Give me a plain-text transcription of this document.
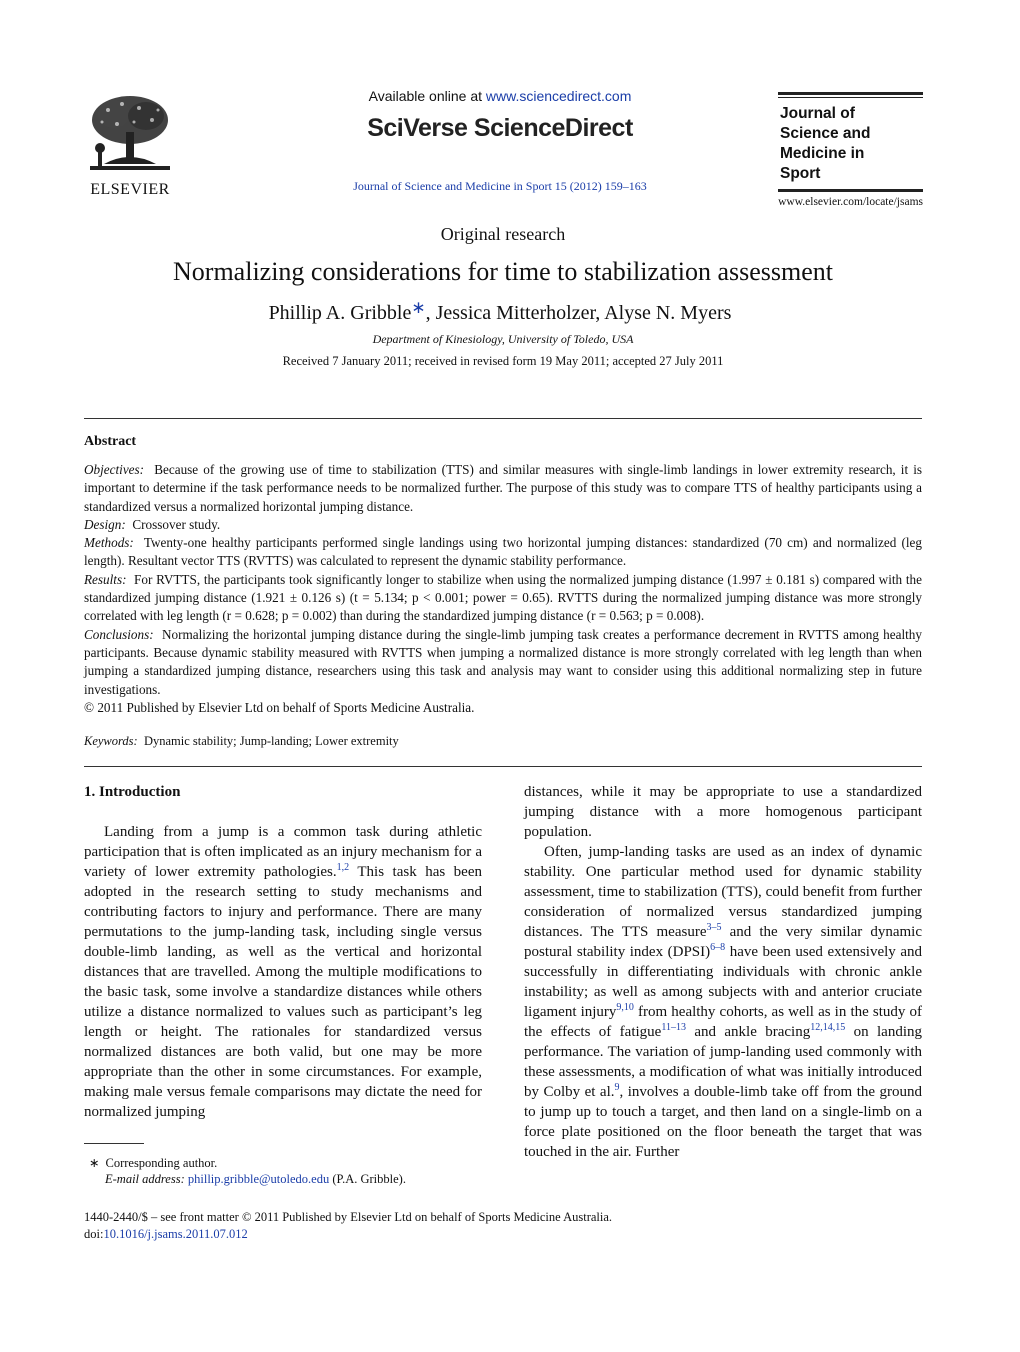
ELSEVIER
Available online at www.sciencedirect.com
SciVerse ScienceDirect
Journal of Science and Medicine in Sport 15 (2012) 159–163
Journal of
Science and
Medicine in
Sport
www.elsevier.com/locate/jsams
Original research
Normalizing considerations for time to stabilization assessment
Phillip A. Gribble∗, Jessica Mitterholzer, Alyse N. Myers
Department of Kinesiology, University of Toledo, USA
Received 7 January 2011; received in revised form 19 May 2011; accepted 27 July 2011
Abstract

Objectives: Because of the growing use of time to stabilization (TTS) and similar measures with single-limb landings in lower extremity research, it is important to determine if the task performance needs to be normalized further. The purpose of this study was to compare TTS of healthy participants using a standardized versus a normalized horizontal jumping distance.

Design: Crossover study.

Methods: Twenty-one healthy participants performed single landings using two horizontal jumping distances: standardized (70 cm) and normalized (leg length). Resultant vector TTS (RVTTS) was calculated to represent the dynamic stability performance.

Results: For RVTTS, the participants took significantly longer to stabilize when using the normalized jumping distance (1.997 ± 0.181 s) compared with the standardized jumping distance (1.921 ± 0.126 s) (t = 5.134; p < 0.001; power = 0.65). RVTTS during the normalized jumping distance was more strongly correlated with leg length (r = 0.628; p = 0.002) than during the standardized jumping distance (r = 0.563; p = 0.008).

Conclusions: Normalizing the horizontal jumping distance during the single-limb jumping task creates a performance decrement in RVTTS among healthy participants. Because dynamic stability measured with RVTTS when jumping a normalized distance is more strongly correlated with leg length than when jumping a standardized jumping distance, researchers using this task and analysis may want to consider using this additional normalizing step in future investigations.

© 2011 Published by Elsevier Ltd on behalf of Sports Medicine Australia.

Keywords: Dynamic stability; Jump-landing; Lower extremity
1. Introduction

Landing from a jump is a common task during athletic participation that is often implicated as an injury mechanism for a variety of lower extremity pathologies.$^{1,2}$ This task has been adopted in the research setting to study mechanisms and contributing factors to injury and performance. There are many permutations to the jump-landing task, including single versus double-limb landing, as well as the vertical and horizontal distances that are travelled. Among the multiple modifications to the basic task, some involve a standardize distances while others utilize a distance normalized to values such as participant’s leg length or height. The rationales for standardized versus normalized distances are both valid, but one may be more appropriate than the other in some circumstances. For example, making male versus female comparisons may dictate the need for normalized jumping

distances, while it may be appropriate to use a standardized jumping distance with a more homogenous participant population.

Often, jump-landing tasks are used as an index of dynamic stability. One particular method used for dynamic stability assessment, time to stabilization (TTS), could benefit from further consideration of normalized versus standardized jumping distances. The TTS measure$^{3-5}$ and the very similar dynamic postural stability index (DPSI)$^{6-8}$ have been used extensively and successfully in differentiating individuals with chronic ankle instability; as well as among subjects with and anterior cruciate ligament injury$^{9,10}$ from healthy cohorts, as well as in the study of the effects of fatigue$^{11-13}$ and ankle bracing$^{12,14,15}$ on landing performance. The variation of jump-landing used commonly with these assessments, a modification of what was initially introduced by Colby et al.$^9$, involves a double-limb take off from the ground to jump up to touch a target, and then land on a single-limb on a force plate positioned on the floor beneath the target that was touched in the air. Further

∗ Corresponding author.
E-mail address: phillip.gribble@utoledo.edu (P.A. Gribble).
1440-2440/$ – see front matter © 2011 Published by Elsevier Ltd on behalf of Sports Medicine Australia.
doi:10.1016/j.jsams.2011.07.012
